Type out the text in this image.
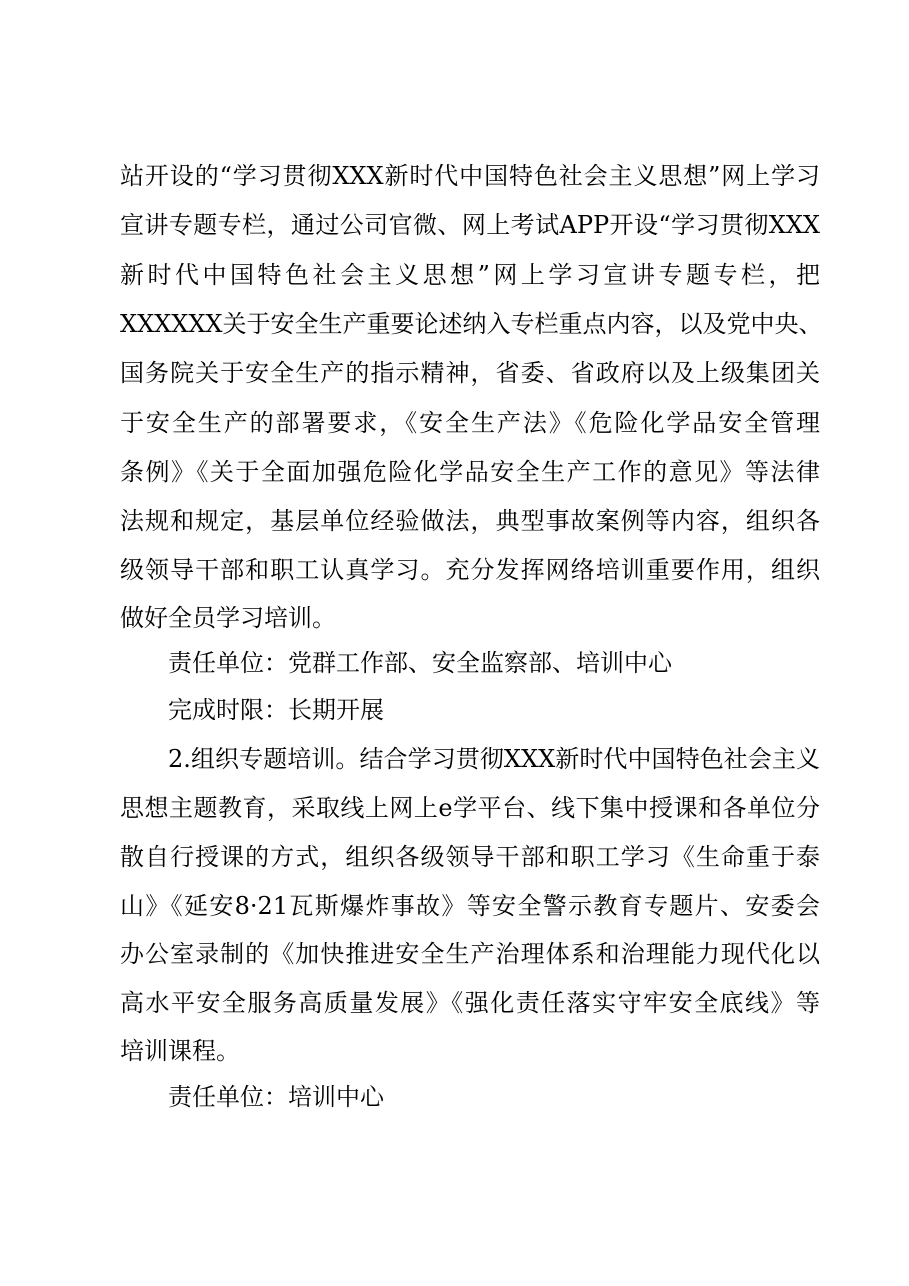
站开设的“学习贯彻XXX新时代中国特色社会主义思想”网上学习
宣讲专题专栏，通过公司官微、网上考试APP开设“学习贯彻XXX
新时代中国特色社会主义思想”网上学习宣讲专题专栏，把
XXXXXX关于安全生产重要论述纳入专栏重点内容，以及党中央、
国务院关于安全生产的指示精神，省委、省政府以及上级集团关
于安全生产的部署要求，《安全生产法》《危险化学品安全管理
条例》《关于全面加强危险化学品安全生产工作的意见》等法律
法规和规定，基层单位经验做法，典型事故案例等内容，组织各
级领导干部和职工认真学习。充分发挥网络培训重要作用，组织
做好全员学习培训。
责任单位：党群工作部、安全监察部、培训中心
完成时限：长期开展
2.组织专题培训。结合学习贯彻XXX新时代中国特色社会主义
思想主题教育，采取线上网上e学平台、线下集中授课和各单位分
散自行授课的方式，组织各级领导干部和职工学习《生命重于泰
山》《延安8·21瓦斯爆炸事故》等安全警示教育专题片、安委会
办公室录制的《加快推进安全生产治理体系和治理能力现代化以
高水平安全服务高质量发展》《强化责任落实守牢安全底线》等
培训课程。
责任单位：培训中心
